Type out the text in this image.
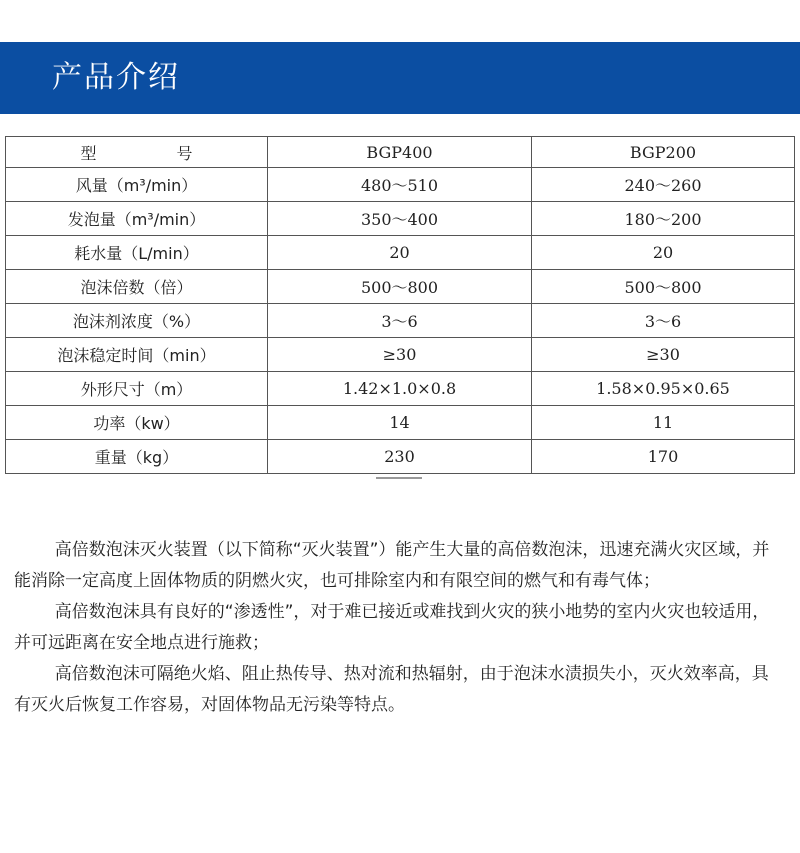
产品介绍
型 号	BGP400	BGP200
风量（m³/min）	480～510	240～260
发泡量（m³/min）	350～400	180～200
耗水量（L/min）	20	20
泡沫倍数（倍）	500～800	500～800
泡沫剂浓度（%）	3～6	3～6
泡沫稳定时间（min）	≥30	≥30
外形尺寸（m）	1.42×1.0×0.8	1.58×0.95×0.65
功率（kw）	14	11
重量（kg）	230	170

高倍数泡沫灭火装置（以下简称“灭火装置”）能产生大量的高倍数泡沫，迅速充满火灾区域，并能消除一定高度上固体物质的阴燃火灾，也可排除室内和有限空间的燃气和有毒气体；

高倍数泡沫具有良好的“渗透性”，对于难已接近或难找到火灾的狭小地势的室内火灾也较适用，并可远距离在安全地点进行施救；

高倍数泡沫可隔绝火焰、阻止热传导、热对流和热辐射，由于泡沫水渍损失小，灭火效率高，具有灭火后恢复工作容易，对固体物品无污染等特点。
